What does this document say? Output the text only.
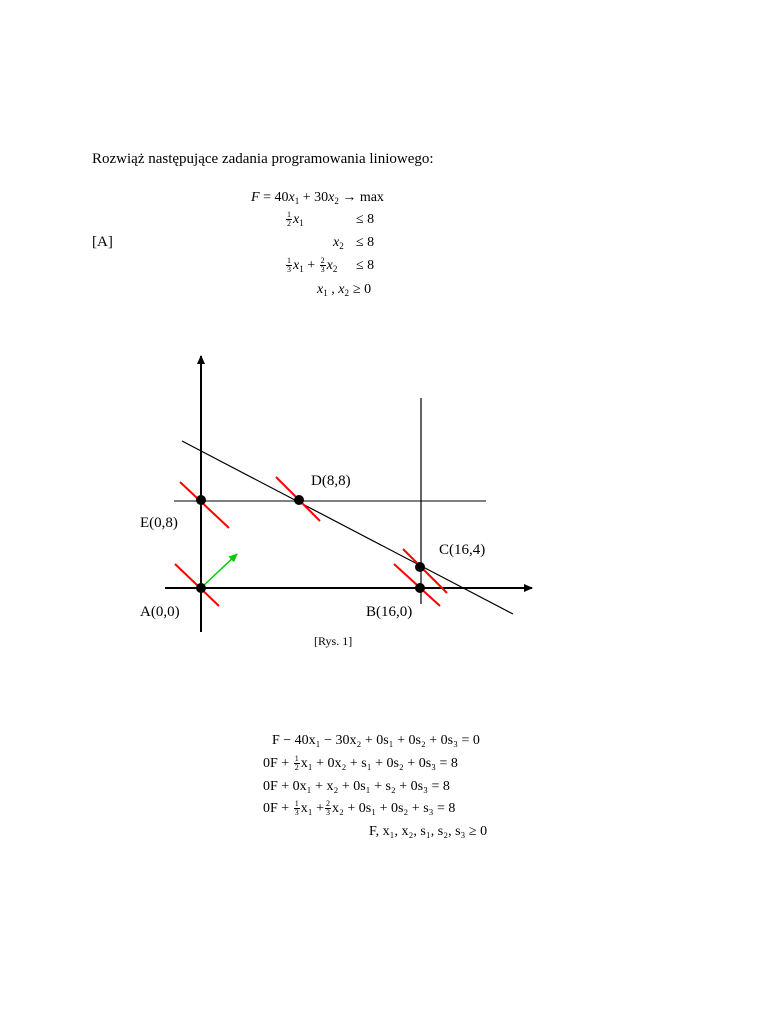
Rozwiąż następujące zadania programowania liniowego:
[A]
$F = 40x_1 + 30x_2 \to \max$
$\frac{1}{2} x_1$	≤ 8
$x_2 \le 8$
$\frac{1}{3} x_1 + \frac{2}{3} x_2 \le 8$
$x_1$ , $x_2 \ge 0$
A(0,0)	B(16,0)
C(16,4)
D(8,8)
E(0,8)
[Rys. 1]
F − 40x₁ − 30x₂ + 0s₁ + 0s₂ + 0s₃ = 0
$0F + \frac{1}{2} x_1 + 0x_2 + s_1 + 0s_2 + 0s_3 = 8$
0F + 0x₁ + x₂ + 0s₁ + s₂ + 0s₃ = 8
$0F + \frac{1}{3} x_1 + \frac{2}{3} x_2 + 0s_1 + 0s_2 + s_3 = 8$
F, x₁, x₂, s₁, s₂, s₃ ≥ 0
